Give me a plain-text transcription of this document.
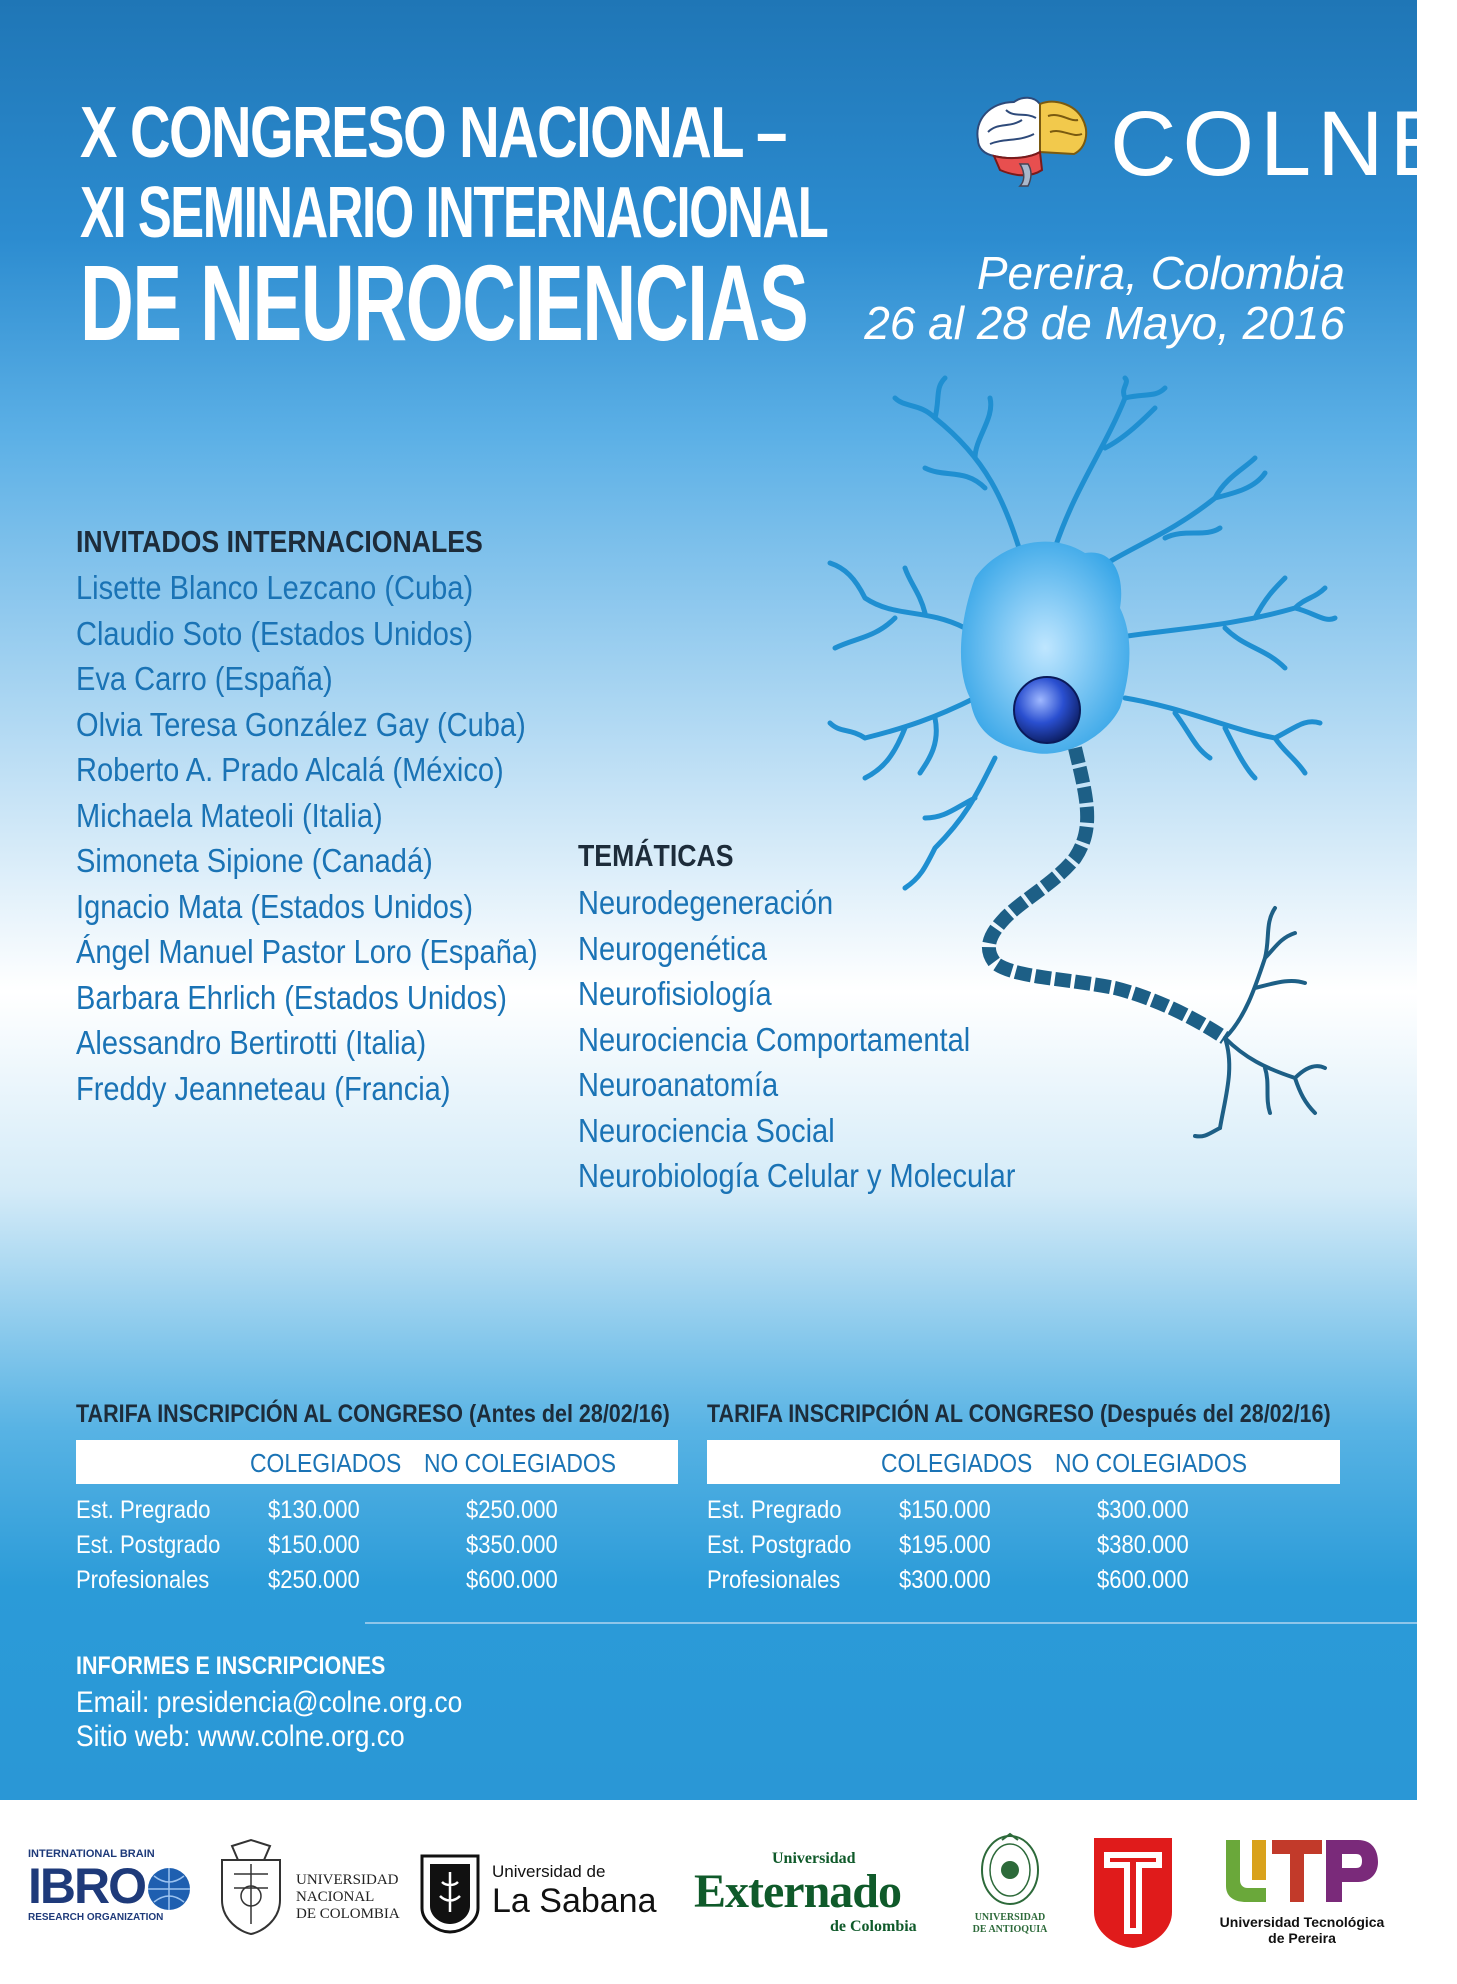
X CONGRESO NACIONAL –
XI SEMINARIO INTERNACIONAL
DE NEUROCIENCIAS
COLNE
Pereira, Colombia
26 al 28 de Mayo, 2016
INVITADOS INTERNACIONALES
Lisette Blanco Lezcano (Cuba)
Claudio Soto (Estados Unidos)
Eva Carro (España)
Olvia Teresa González Gay (Cuba)
Roberto A. Prado Alcalá (México)
Michaela Mateoli (Italia)
Simoneta Sipione (Canadá)
Ignacio Mata (Estados Unidos)
Ángel Manuel Pastor Loro (España)
Barbara Ehrlich (Estados Unidos)
Alessandro Bertirotti (Italia)
Freddy Jeanneteau (Francia)
TEMÁTICAS
Neurodegeneración
Neurogenética
Neurofisiología
Neurociencia Comportamental
Neuroanatomía
Neurociencia Social
Neurobiología Celular y Molecular
TARIFA INSCRIPCIÓN AL CONGRESO (Antes del 28/02/16)
COLEGIADOS NO COLEGIADOS
Est. Pregrado $130.000	$250.000
Est. Postgrado $150.000	$350.000
Profesionales $250.000	$600.000
TARIFA INSCRIPCIÓN AL CONGRESO (Después del 28/02/16)
COLEGIADOS NO COLEGIADOS
Est. Pregrado $150.000	$300.000
Est. Postgrado $195.000	$380.000
Profesionales $300.000	$600.000
INFORMES E INSCRIPCIONES
Email: presidencia@colne.org.co
Sitio web: www.colne.org.co
INTERNATIONAL BRAIN
IBRO
RESEARCH ORGANIZATION
UNIVERSIDAD
NACIONAL
DE COLOMBIA
Universidad de
La Sabana
Universidad
Externado
de Colombia
UNIVERSIDAD
DE ANTIOQUIA	Universidad Tecnológica
de Pereira
